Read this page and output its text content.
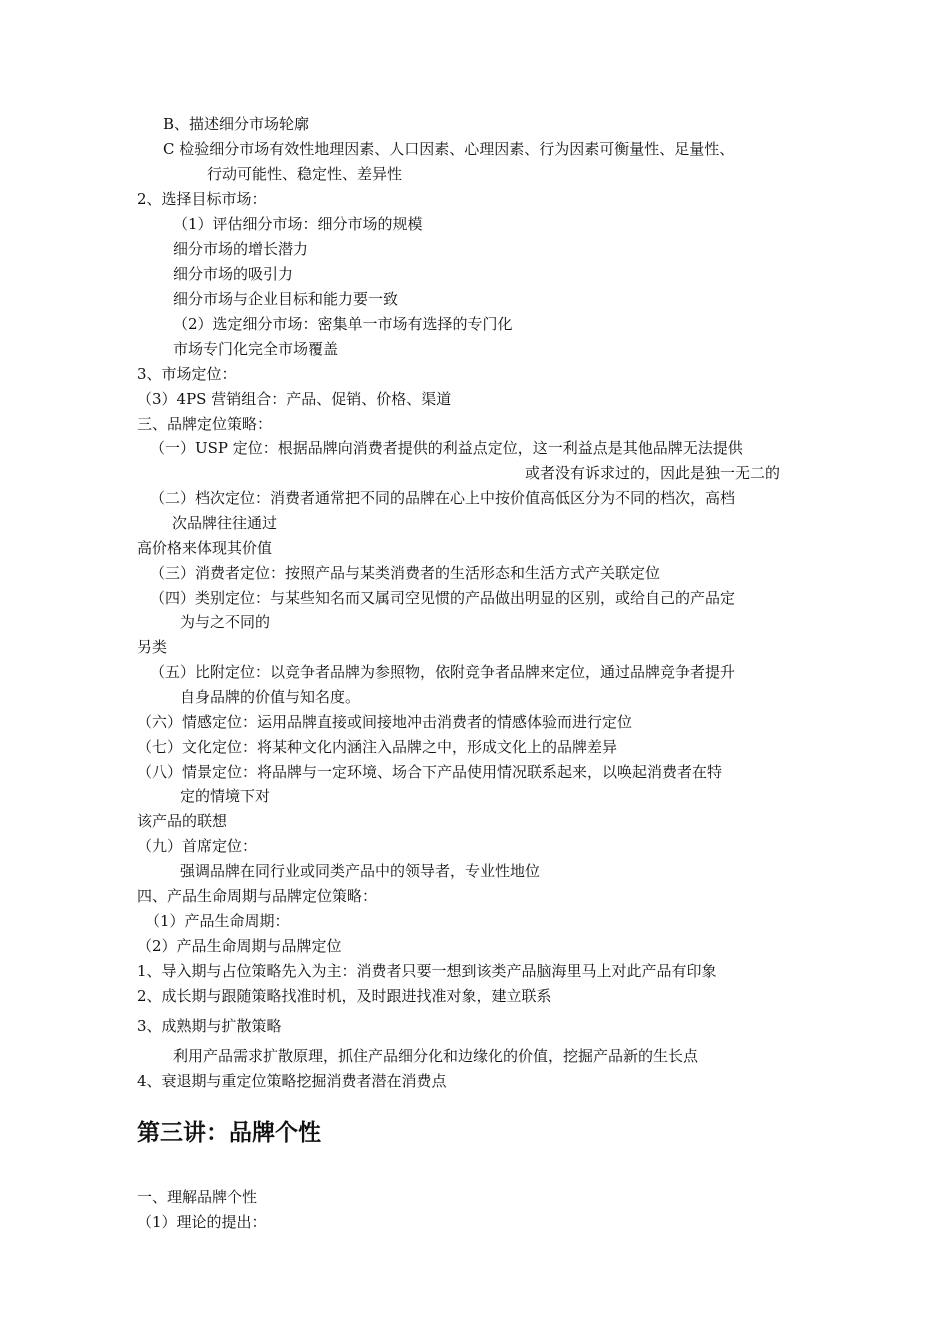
B、描述细分市场轮廓
C 检验细分市场有效性地理因素、人口因素、心理因素、行为因素可衡量性、足量性、
行动可能性、稳定性、差异性
2、选择目标市场：
（1）评估细分市场：细分市场的规模
细分市场的增长潜力
细分市场的吸引力
细分市场与企业目标和能力要一致
（2）选定细分市场：密集单一市场有选择的专门化
市场专门化完全市场覆盖
3、市场定位：
（3）4PS 营销组合：产品、促销、价格、渠道
三、品牌定位策略：
（一）USP 定位：根据品牌向消费者提供的利益点定位，这一利益点是其他品牌无法提供
或者没有诉求过的，因此是独一无二的
（二）档次定位：消费者通常把不同的品牌在心上中按价值高低区分为不同的档次，高档
次品牌往往通过
高价格来体现其价值
（三）消费者定位：按照产品与某类消费者的生活形态和生活方式产关联定位
（四）类别定位：与某些知名而又属司空见惯的产品做出明显的区别，或给自己的产品定
为与之不同的
另类
（五）比附定位：以竞争者品牌为参照物，依附竞争者品牌来定位，通过品牌竞争者提升
自身品牌的价值与知名度。
（六）情感定位：运用品牌直接或间接地冲击消费者的情感体验而进行定位
（七）文化定位：将某种文化内涵注入品牌之中，形成文化上的品牌差异
（八）情景定位：将品牌与一定环境、场合下产品使用情况联系起来，以唤起消费者在特
定的情境下对
该产品的联想
（九）首席定位：
强调品牌在同行业或同类产品中的领导者，专业性地位
四、产品生命周期与品牌定位策略：
（1）产品生命周期：
（2）产品生命周期与品牌定位
1、导入期与占位策略先入为主：消费者只要一想到该类产品脑海里马上对此产品有印象
2、成长期与跟随策略找准时机，及时跟进找准对象，建立联系
3、成熟期与扩散策略
利用产品需求扩散原理，抓住产品细分化和边缘化的价值，挖掘产品新的生长点
4、衰退期与重定位策略挖掘消费者潜在消费点
第三讲：品牌个性
一、理解品牌个性
（1）理论的提出：
